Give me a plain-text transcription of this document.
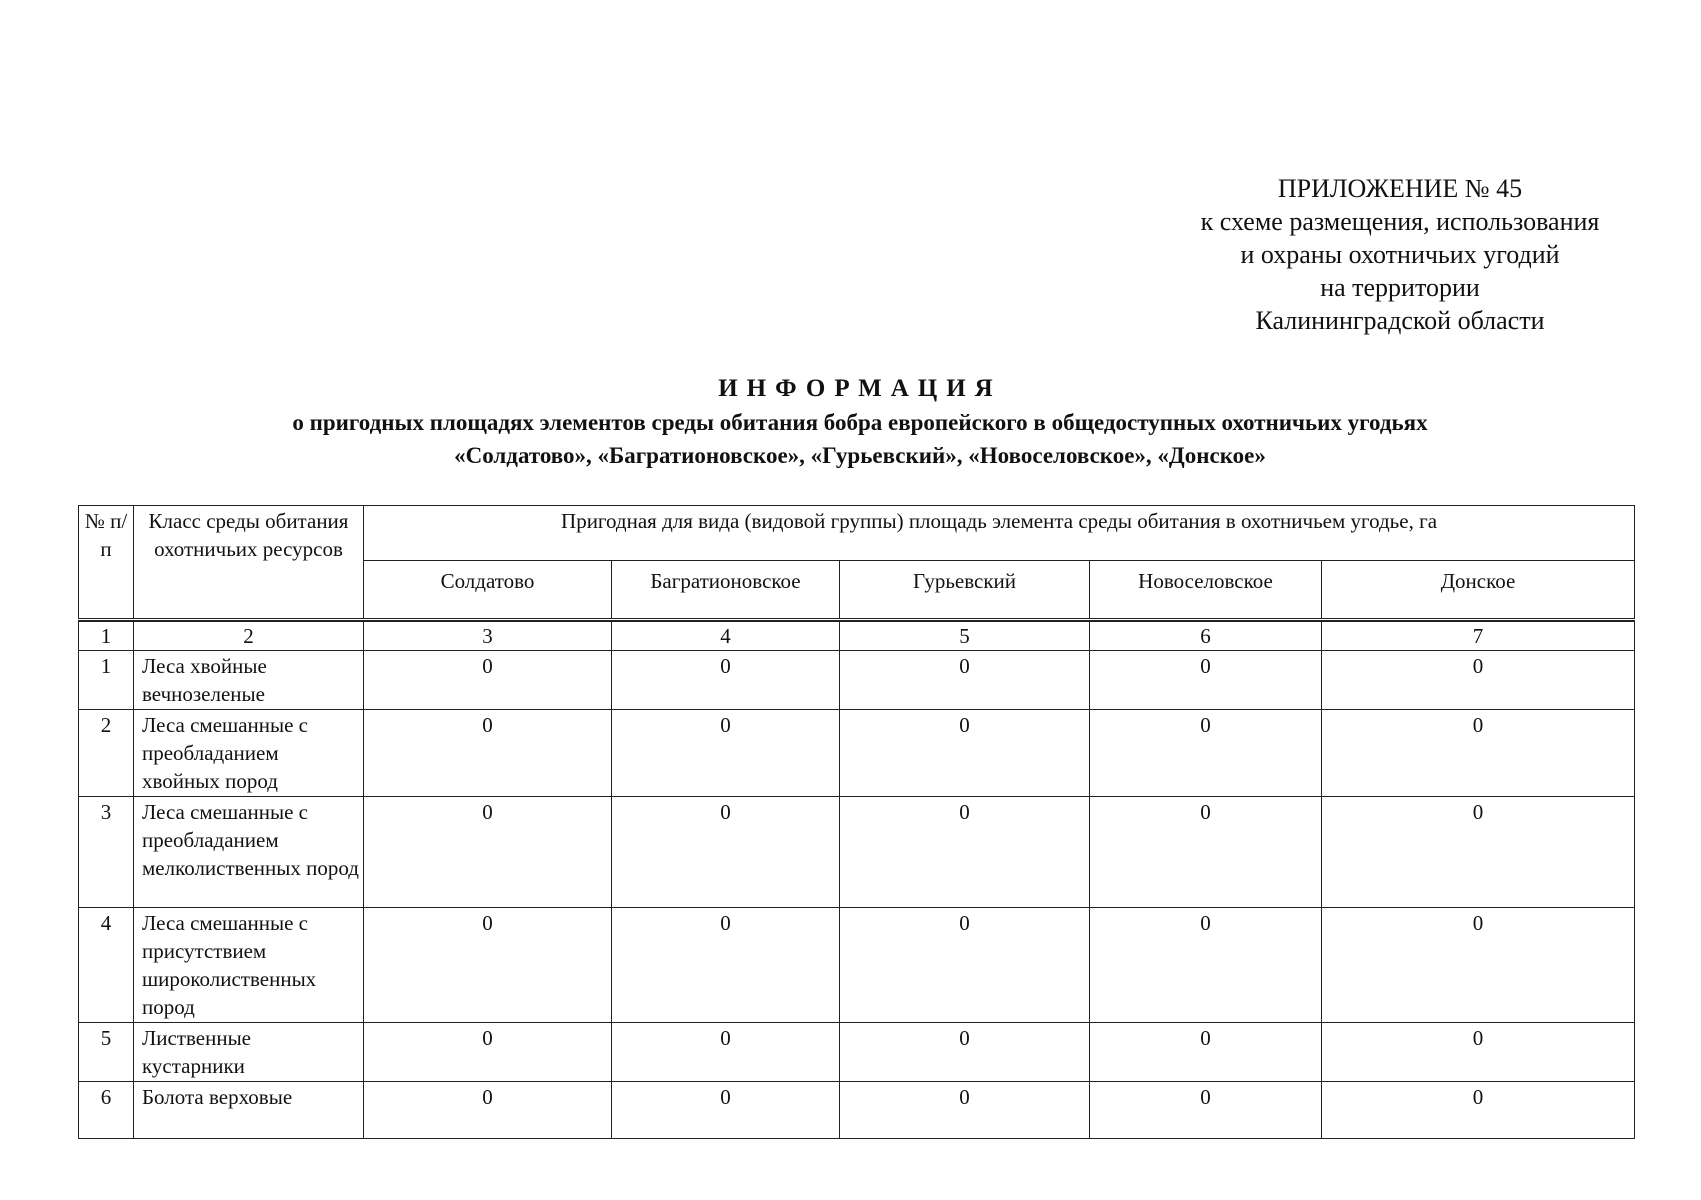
ПРИЛОЖЕНИЕ № 45
к схеме размещения, использования
и охраны охотничьих угодий
на территории
Калининградской области
ИНФОРМАЦИЯ
о пригодных площадях элементов среды обитания бобра европейского в общедоступных охотничьих угодьях
«Солдатово», «Багратионовское», «Гурьевский», «Новоселовское», «Донское»
№ п/п	Класс среды обитания охотничьих ресурсов	Пригодная для вида (видовой группы) площадь элемента среды обитания в охотничьем угодье, га				
		Солдатово	Багратионовское	Гурьевский	Новоселовское	Донское

1	2	3	4	5	6	7
1	Леса хвойные вечнозеленые	0	0	0	0	0
2	Леса смешанные с преобладанием хвойных пород	0	0	0	0	0
3	Леса смешанные с преобладанием мелколиственных пород	0	0	0	0	0
4	Леса смешанные с присутствием широколиственных пород	0	0	0	0	0
5	Лиственные кустарники	0	0	0	0	0
6	Болота верховые	0	0	0	0	0
